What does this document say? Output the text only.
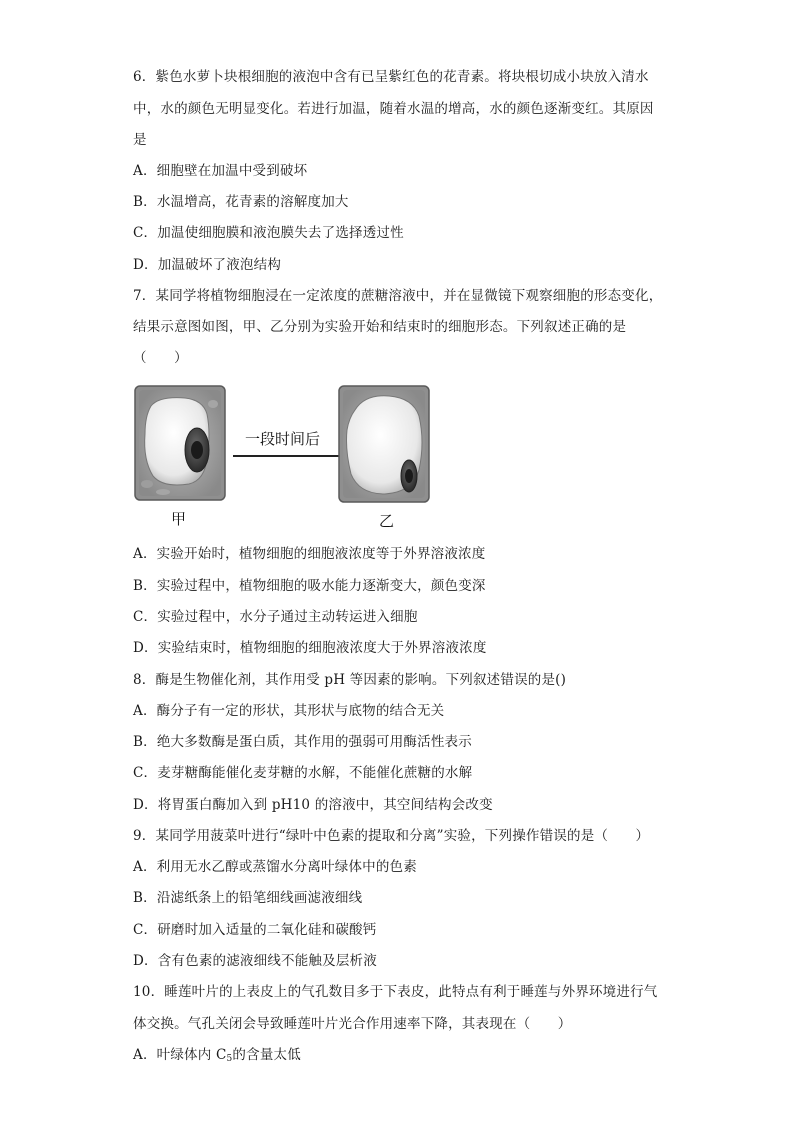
6．紫色水萝卜块根细胞的液泡中含有已呈紫红色的花青素。将块根切成小块放入清水
中，水的颜色无明显变化。若进行加温，随着水温的增高，水的颜色逐渐变红。其原因
是
A．细胞壁在加温中受到破坏
B．水温增高，花青素的溶解度加大
C．加温使细胞膜和液泡膜失去了选择透过性
D．加温破坏了液泡结构
7．某同学将植物细胞浸在一定浓度的蔗糖溶液中，并在显微镜下观察细胞的形态变化，
结果示意图如图，甲、乙分别为实验开始和结束时的细胞形态。下列叙述正确的是
（　　）
一段时间后
甲	乙
A．实验开始时，植物细胞的细胞液浓度等于外界溶液浓度
B．实验过程中，植物细胞的吸水能力逐渐变大，颜色变深
C．实验过程中，水分子通过主动转运进入细胞
D．实验结束时，植物细胞的细胞液浓度大于外界溶液浓度
8．酶是生物催化剂，其作用受 pH 等因素的影响。下列叙述错误的是()
A．酶分子有一定的形状，其形状与底物的结合无关
B．绝大多数酶是蛋白质，其作用的强弱可用酶活性表示
C．麦芽糖酶能催化麦芽糖的水解，不能催化蔗糖的水解
D．将胃蛋白酶加入到 pH10 的溶液中，其空间结构会改变
9．某同学用菠菜叶进行“绿叶中色素的提取和分离”实验，下列操作错误的是（　　）
A．利用无水乙醇或蒸馏水分离叶绿体中的色素
B．沿滤纸条上的铅笔细线画滤液细线
C．研磨时加入适量的二氧化硅和碳酸钙
D．含有色素的滤液细线不能触及层析液
10．睡莲叶片的上表皮上的气孔数目多于下表皮，此特点有利于睡莲与外界环境进行气
体交换。气孔关闭会导致睡莲叶片光合作用速率下降，其表现在（　　）
A．叶绿体内 $C_5$的含量太低
